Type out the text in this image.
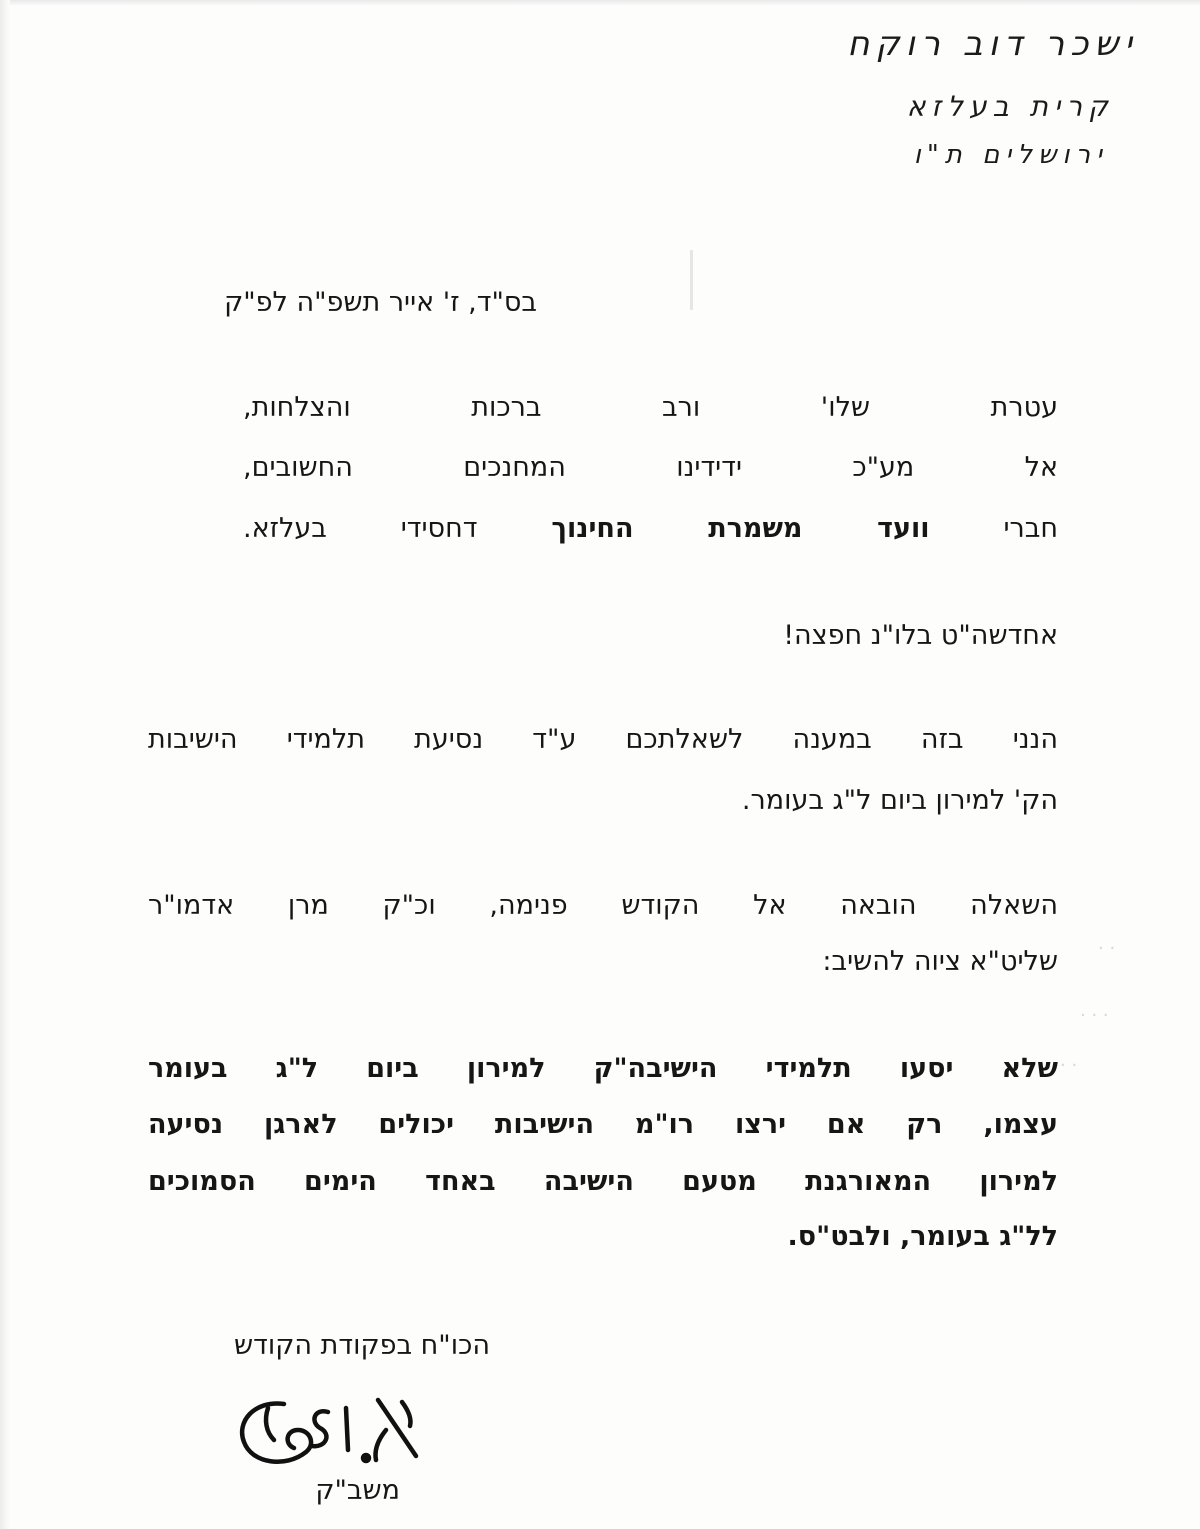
ישכר דוב רוקח
קרית בעלזא
ירושלים ת"ו
בס"ד, ז' אייר תשפ"ה לפ"ק
עטרת שלו' ורב ברכות והצלחות,
אל מע"כ ידידינו המחנכים החשובים,
חברי וועד משמרת החינוך דחסידי בעלזא.
אחדשה"ט בלו"נ חפצה!
הנני בזה במענה לשאלתכם ע"ד נסיעת תלמידי הישיבות
הק' למירון ביום ל"ג בעומר.
השאלה הובאה אל הקודש פנימה, וכ"ק מרן אדמו"ר
שליט"א ציוה להשיב:
שלא יסעו תלמידי הישיבה"ק למירון ביום ל"ג בעומר
עצמו, רק אם ירצו רו"מ הישיבות יכולים לארגן נסיעה
למירון המאורגנת מטעם הישיבה באחד הימים הסמוכים
לל"ג בעומר, ולבט"ס.
הכו"ח בפקודת הקודש
משב"ק
· ·
· · ·
· ·
